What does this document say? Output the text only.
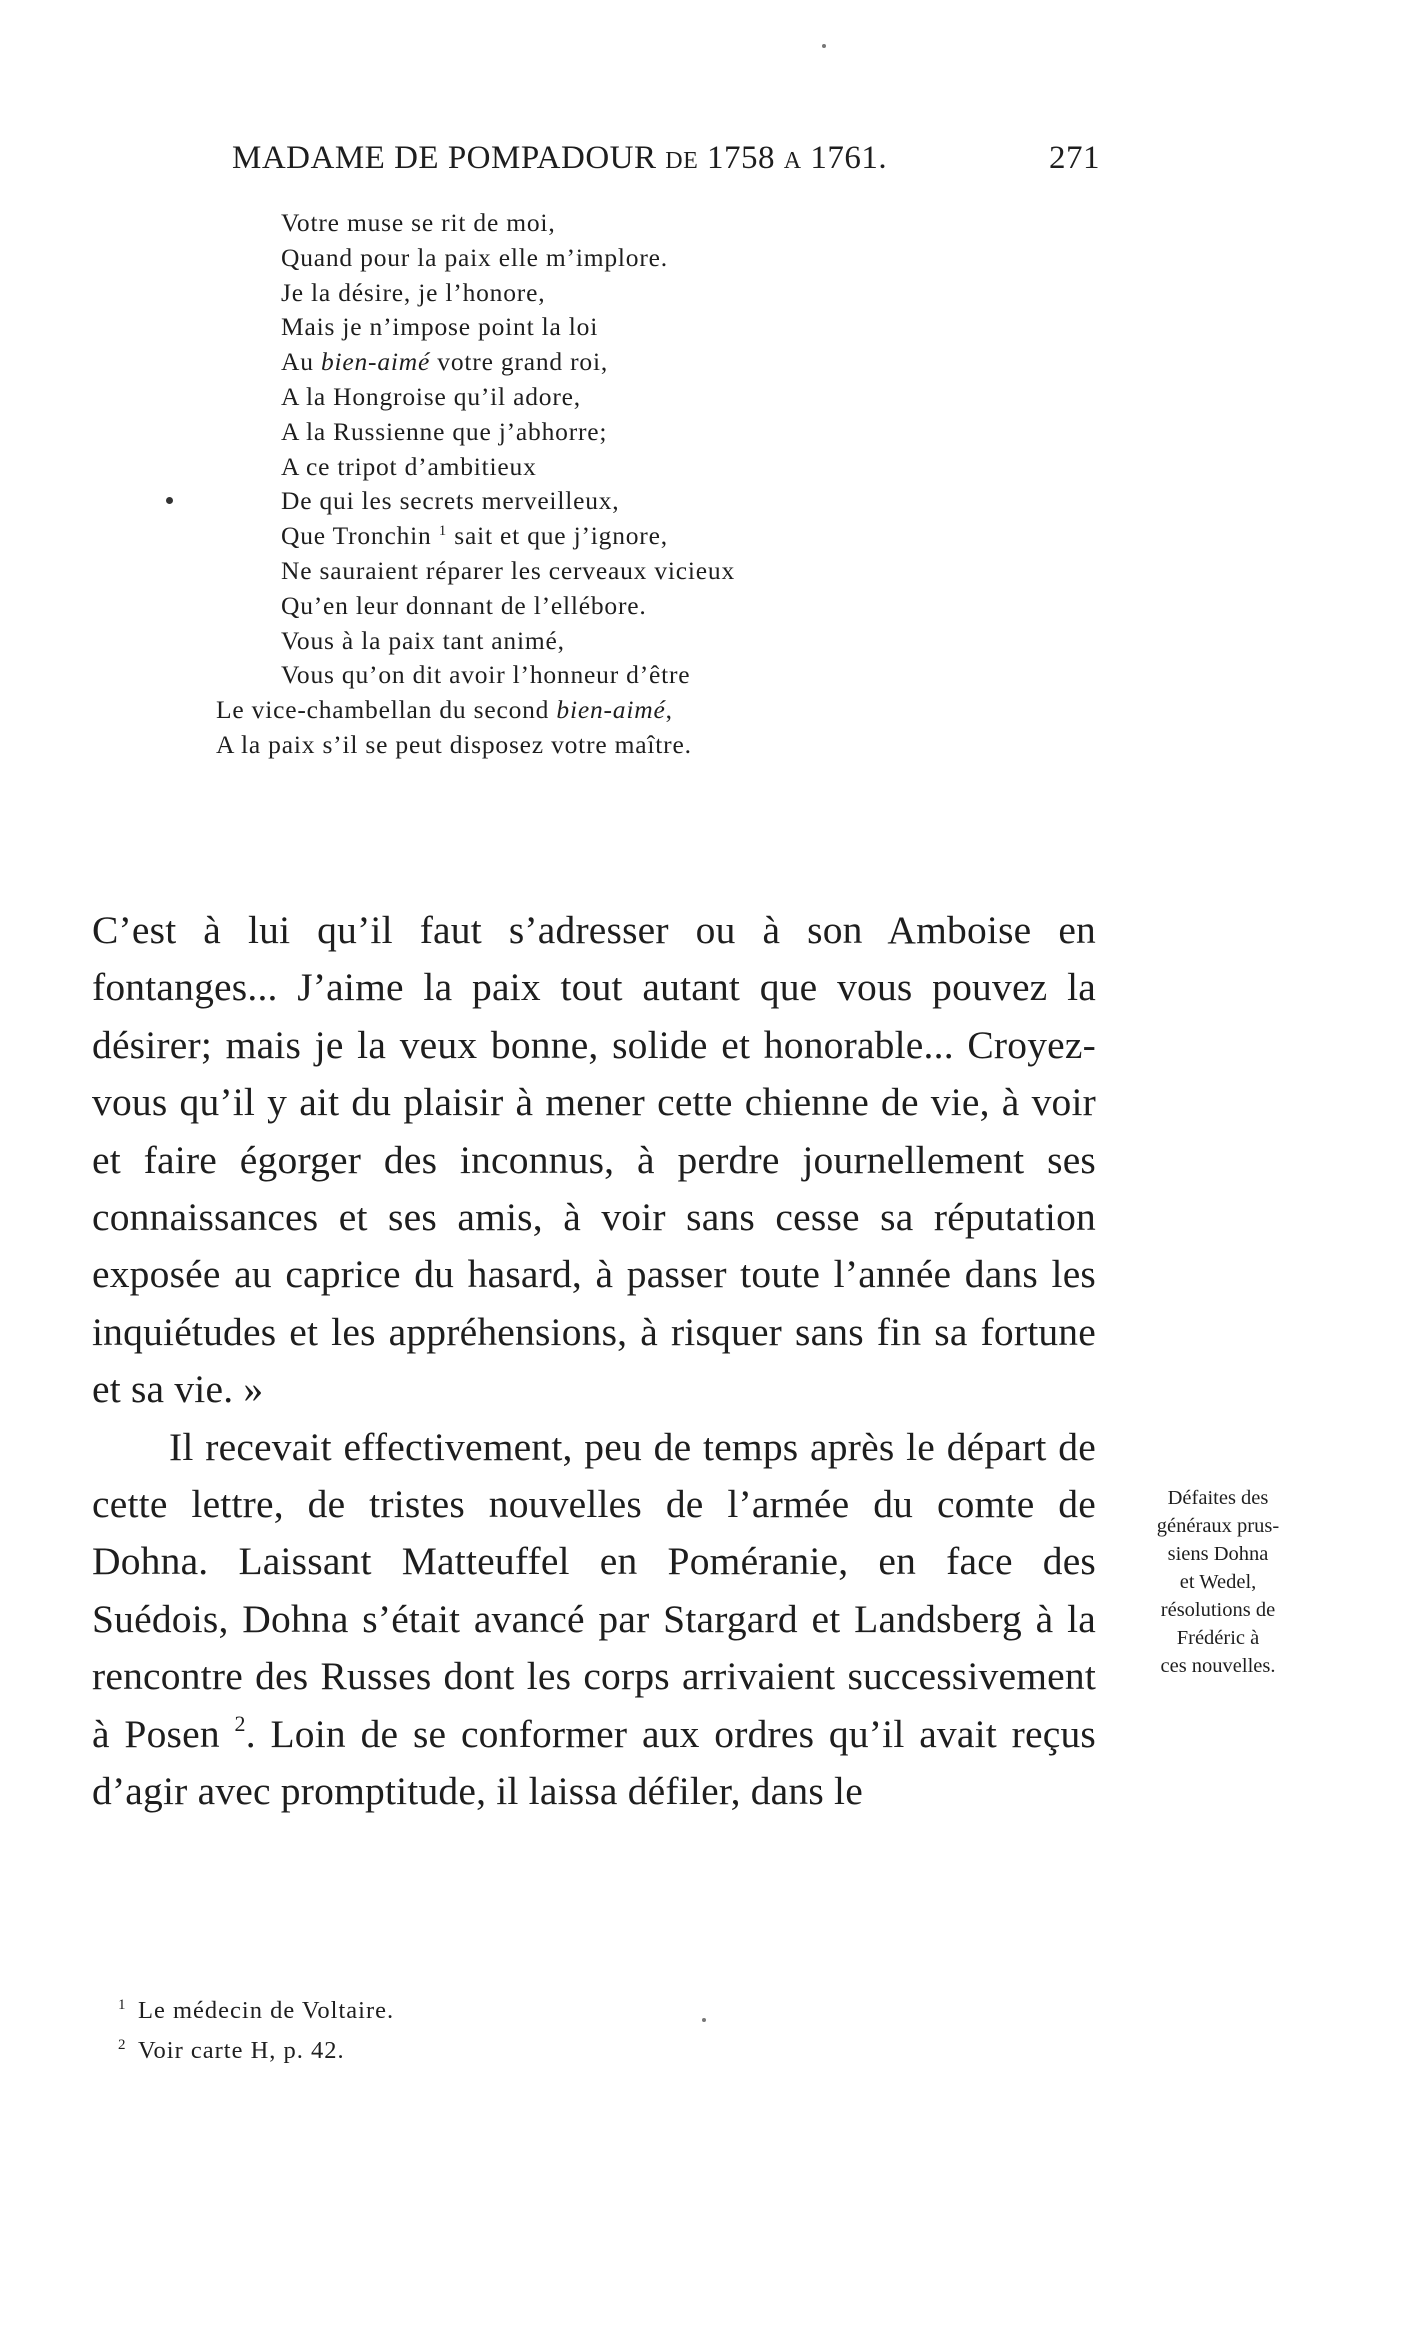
MADAME DE POMPADOUR DE 1758 A 1761.	271
Votre muse se rit de moi,
Quand pour la paix elle m’implore.
Je la désire, je l’honore,
Mais je n’impose point la loi
Au bien-aimé votre grand roi,
A la Hongroise qu’il adore,
A la Russienne que j’abhorre;
A ce tripot d’ambitieux
De qui les secrets merveilleux,
Que Tronchin $^1$ sait et que j’ignore,
Ne sauraient réparer les cerveaux vicieux
Qu’en leur donnant de l’ellébore.
Vous à la paix tant animé,
Vous qu’on dit avoir l’honneur d’être
Le vice-chambellan du second bien-aimé,
A la paix s’il se peut disposez votre maître.

C’est à lui qu’il faut s’adresser ou à son Amboise en fontanges... J’aime la paix tout autant que vous pouvez la désirer; mais je la veux bonne, solide et honorable... Croyez-vous qu’il y ait du plaisir à mener cette chienne de vie, à voir et faire égorger des inconnus, à perdre journellement ses connaissances et ses amis, à voir sans cesse sa réputation exposée au caprice du hasard, à passer toute l’année dans les inquiétudes et les appréhensions, à risquer sans fin sa fortune et sa vie. »

Il recevait effectivement, peu de temps après le départ de cette lettre, de tristes nouvelles de l’armée du comte de Dohna. Laissant Matteuffel en Poméranie, en face des Suédois, Dohna s’était avancé par Stargard et Landsberg à la rencontre des Russes dont les corps arrivaient successivement à Posen $^2$. Loin de se conformer aux ordres qu’il avait reçus d’agir avec promptitude, il laissa défiler, dans le

Défaites des
généraux prus-
siens Dohna
et Wedel,
résolutions de
Frédéric à
ces nouvelles.
1 Le médecin de Voltaire.
2 Voir carte H, p. 42.
